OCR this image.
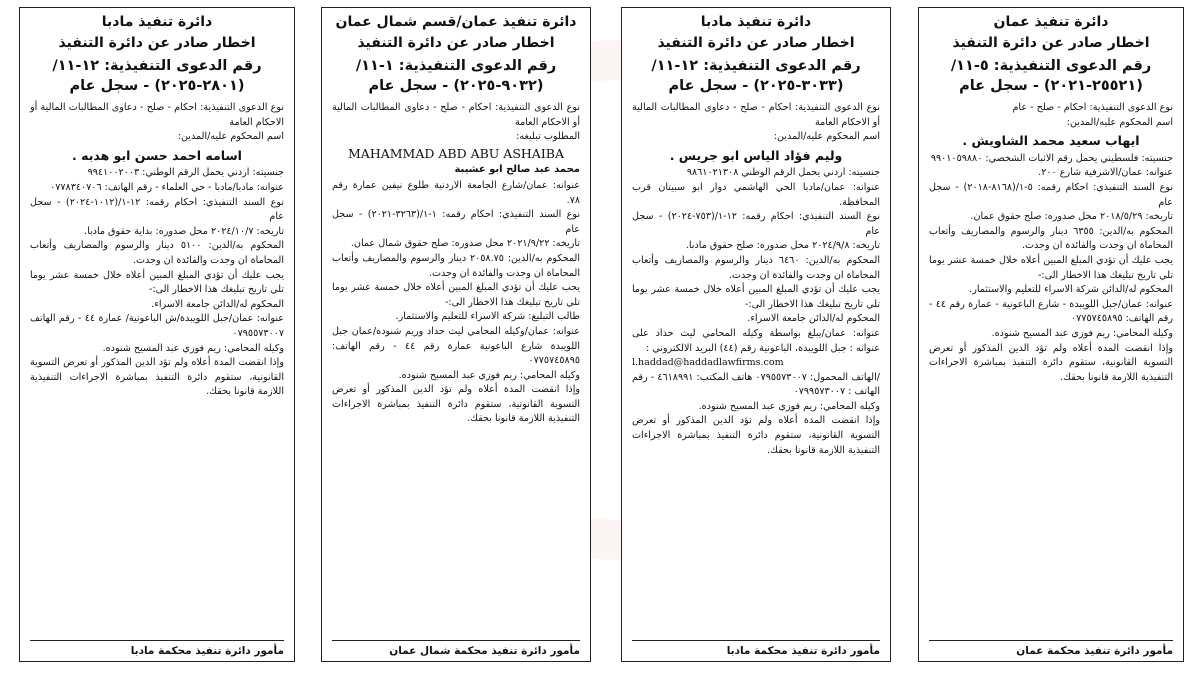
دائرة تنفيذ مادبا
اخطار صادر عن دائرة التنفيذ
رقم الدعوى التنفيذية: ١٢-١١/
(٢٨٠١-٢٠٢٥) - سجل عام

نوع الدعوى التنفيذية: احكام - صلح - دعاوى المطالبات المالية أو الاحكام العامة

اسم المحكوم عليه/المدين:

اسامه احمد حسن ابو هدبه .

جنسيته: اردني يحمل الرقم الوطني: ٩٩٤١٠٠٢٠٠٣

عنوانه: مادبا/مادبا - حي العلماء - رقم الهاتف: ٠٧٧٨٣٤٠٧٠٦

نوع السند التنفيذي: احكام رقمه: ١٢-١/(١٠١٢-٢٠٢٤) - سجل عام

تاريخه: ٢٠٢٤/١٠/٧ محل صدوره: بداية حقوق مادبا.

المحكوم به/الدين: ٥١٠٠ دينار والرسوم والمصاريف وأتعاب المحاماة ان وجدت والفائدة ان وجدت.

يجب عليك أن تؤدي المبلغ المبين أعلاه خلال خمسة عشر يوما تلي تاريخ تبليغك هذا الاخطار الى:-

المحكوم له/الدائن جامعة الاسراء.

عنوانه: عمان/جبل اللويبدة/ش الباعونية/ عمارة ٤٤ - رقم الهاتف ٠٧٩٥٥٧٣٠٠٧

وكيله المحامي: ريم فوزي عبد المسيح شنوده.

وإذا انقضت المدة أعلاه ولم تؤد الدين المذكور أو تعرض التسوية القانونية، ستقوم دائرة التنفيذ بمباشرة الاجراءات التنفيذية اللازمة قانونا بحقك.

مأمور دائرة تنفيذ محكمة مادبا
دائرة تنفيذ عمان/قسم شمال عمان
اخطار صادر عن دائرة التنفيذ
رقم الدعوى التنفيذية: ١-١١/
(٩٠٣٢-٢٠٢٥) - سجل عام

نوع الدعوى التنفيذية: احكام - صلح - دعاوى المطالبات المالية أو الاحكام العامة

المطلوب تبليغه:

MAHAMMAD ABD ABU ASHAIBA
محمد عبد صالح ابو عشيبة

عنوانه: عمان/شارع الجامعة الاردنية طلوع نيفين عمارة رقم ٧٨.

نوع السند التنفيذي: احكام رقمه: ١-١/(٣٢٦٣-٢٠٢١) - سجل عام

تاريخه: ٢٠٢١/٩/٢٢ محل صدوره: صلح حقوق شمال عمان.

المحكوم به/الدين: ٢٠٥٨.٧٥ دينار والرسوم والمصاريف وأتعاب المحاماة ان وجدت والفائدة ان وجدت.

يجب عليك أن تؤدي المبلغ المبين أعلاه خلال خمسة عشر يوما تلي تاريخ تبليغك هذا الاخطار الى:-

طالب التبليغ: شركة الاسراء للتعليم والاستثمار.

عنوانه: عمان/وكيله المحامي ليث حداد وريم شنوده/عمان جبل اللويبدة شارع الباعونية عمارة رقم ٤٤ - رقم الهاتف: ٠٧٧٥٧٤٥٨٩٥

وكيله المحامي: ريم فوزي عبد المسيح شنوده.

وإذا انقضت المدة أعلاه ولم تؤد الدين المذكور أو تعرض التسوية القانونية، ستقوم دائرة التنفيذ بمباشرة الاجراءات التنفيذية اللازمة قانونا بحقك.

مأمور دائرة تنفيذ محكمة شمال عمان
دائرة تنفيذ مادبا
اخطار صادر عن دائرة التنفيذ
رقم الدعوى التنفيذية: ١٢-١١/
(٣٠٣٣-٢٠٢٥) - سجل عام

نوع الدعوى التنفيذية: احكام - صلح - دعاوى المطالبات المالية أو الاحكام العامة

اسم المحكوم عليه/المدين:

وليم فؤاد الياس ابو جريس .

جنسيته: اردني يحمل الرقم الوطني ٩٨٦١٠٢١٣٠٨

عنوانه: عمان/مادبا الحي الهاشمي دوار ابو سبيتان قرب المحافظة.

نوع السند التنفيذي: احكام رقمه: ١٢-١/(٧٥٣-٢٠٢٤) - سجل عام

تاريخه: ٢٠٢٤/٩/٨ محل صدوره: صلح حقوق مادبا.

المحكوم به/الدين: ٦٤٦٠ دينار والرسوم والمصاريف وأتعاب المحاماة ان وجدت والفائدة ان وجدت.

يجب عليك أن تؤدي المبلغ المبين أعلاه خلال خمسة عشر يوما تلي تاريخ تبليغك هذا الاخطار الى:-

المحكوم له/الدائن جامعة الاسراء.

عنوانه: عمان/يبلغ بواسطة وكيله المحامي ليث حداد على عنوانه : جبل اللويبدة، الباعونية رقم (٤٤) البريد الالكتروني :

l.haddad@haddadlawfirms.com

/الهاتف المحمول: ٠٧٩٥٥٧٣٠٠٧ هاتف المكتب: ٤٦١٨٩٩١ - رقم الهاتف : ٠٧٩٩٥٧٣٠٠٧

وكيله المحامي: ريم فوزي عبد المسيح شنوده.

وإذا انقضت المدة أعلاه ولم تؤد الدين المذكور أو تعرض التسوية القانونية، ستقوم دائرة التنفيذ بمباشرة الاجراءات التنفيذية اللازمة قانونا بحقك.

مأمور دائرة تنفيذ محكمة مادبا
دائرة تنفيذ عمان
اخطار صادر عن دائرة التنفيذ
رقم الدعوى التنفيذية: ٥-١١/
(٢٥٥٢١-٢٠٢١) - سجل عام

نوع الدعوى التنفيذية: احكام - صلح - عام

اسم المحكوم عليه/المدين:

ايهاب سعيد محمد الشاويش .

جنسيته: فلسطيني يحمل رقم الاثبات الشخصي: ٩٩٠١٠٥٩٨٨٠

عنوانه: عمان/الاشرفية شارع ٢٠٠.

نوع السند التنفيذي: احكام رقمه: ٥-١/(٨١٦٨-٢٠١٨) - سجل عام

تاريخه: ٢٠١٨/٥/٢٩ محل صدوره: صلح حقوق عمان.

المحكوم به/الدين: ٦٣٥٥ دينار والرسوم والمصاريف وأتعاب المحاماة ان وجدت والفائدة ان وجدت.

يجب عليك أن تؤدي المبلغ المبين أعلاه خلال خمسة عشر يوما تلي تاريخ تبليغك هذا الاخطار الى:-

المحكوم له/الدائن شركة الاسراء للتعليم والاستثمار.

عنوانه: عمان/جبل اللويبدة - شارع الباعونية - عمارة رقم ٤٤ - رقم الهاتف: ٠٧٧٥٧٤٥٨٩٥

وكيله المحامي: ريم فوزي عبد المسيح شنوده.

وإذا انقضت المدة أعلاه ولم تؤد الدين المذكور أو تعرض التسوية القانونية، ستقوم دائرة التنفيذ بمباشرة الاجراءات التنفيذية اللازمة قانونا بحقك.

مأمور دائرة تنفيذ محكمة عمان
